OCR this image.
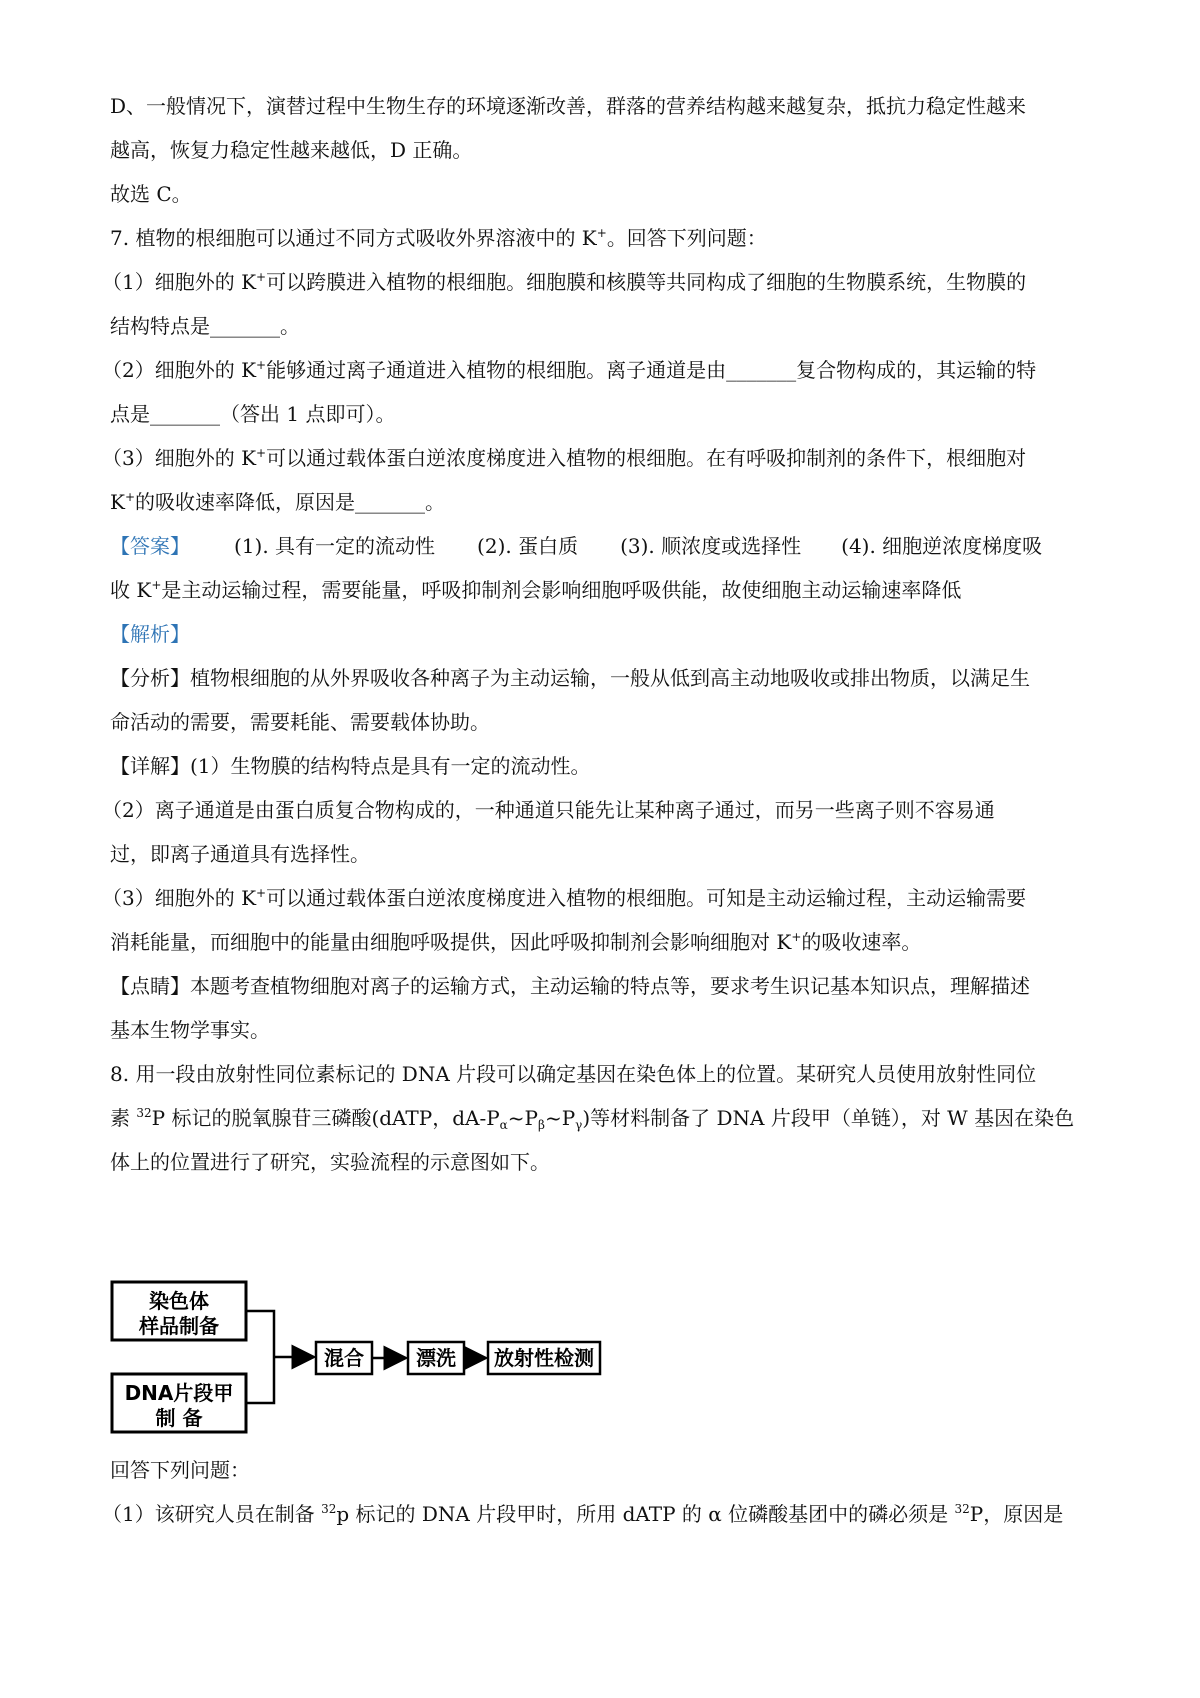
D、一般情况下，演替过程中生物生存的环境逐渐改善，群落的营养结构越来越复杂，抵抗力稳定性越来
越高，恢复力稳定性越来越低，D 正确。
故选 C。
7. 植物的根细胞可以通过不同方式吸收外界溶液中的 K+。回答下列问题：
（1）细胞外的 K+可以跨膜进入植物的根细胞。细胞膜和核膜等共同构成了细胞的生物膜系统，生物膜的
结构特点是_______。
（2）细胞外的 K+能够通过离子通道进入植物的根细胞。离子通道是由_______复合物构成的，其运输的特
点是_______（答出 1 点即可）。
（3）细胞外的 K+可以通过载体蛋白逆浓度梯度进入植物的根细胞。在有呼吸抑制剂的条件下，根细胞对
K+的吸收速率降低，原因是_______。
【答案】 (1). 具有一定的流动性 (2). 蛋白质 (3). 顺浓度或选择性 (4). 细胞逆浓度梯度吸
收 K+是主动运输过程，需要能量，呼吸抑制剂会影响细胞呼吸供能，故使细胞主动运输速率降低
【解析】
【分析】植物根细胞的从外界吸收各种离子为主动运输，一般从低到高主动地吸收或排出物质，以满足生
命活动的需要，需要耗能、需要载体协助。
【详解】(1）生物膜的结构特点是具有一定的流动性。
（2）离子通道是由蛋白质复合物构成的，一种通道只能先让某种离子通过，而另一些离子则不容易通
过，即离子通道具有选择性。
（3）细胞外的 K+可以通过载体蛋白逆浓度梯度进入植物的根细胞。可知是主动运输过程，主动运输需要
消耗能量，而细胞中的能量由细胞呼吸提供，因此呼吸抑制剂会影响细胞对 K+的吸收速率。
【点睛】本题考查植物细胞对离子的运输方式，主动运输的特点等，要求考生识记基本知识点，理解描述
基本生物学事实。
8. 用一段由放射性同位素标记的 DNA 片段可以确定基因在染色体上的位置。某研究人员使用放射性同位
素 $^{32}$P 标记的脱氧腺苷三磷酸(dATP，$dA-P_\alpha\sim P_\beta\sim P_\gamma$)等材料制备了 DNA 片段甲（单链），对 W 基因在染色
体上的位置进行了研究，实验流程的示意图如下。
染色体
样品制备
DNA片段甲
制 备
混合	漂洗 放射性检测
回答下列问题：
（1）该研究人员在制备 $^{32}$p 标记的 DNA 片段甲时，所用 dATP 的 α 位磷酸基团中的磷必须是 $^{32}$P，原因是
